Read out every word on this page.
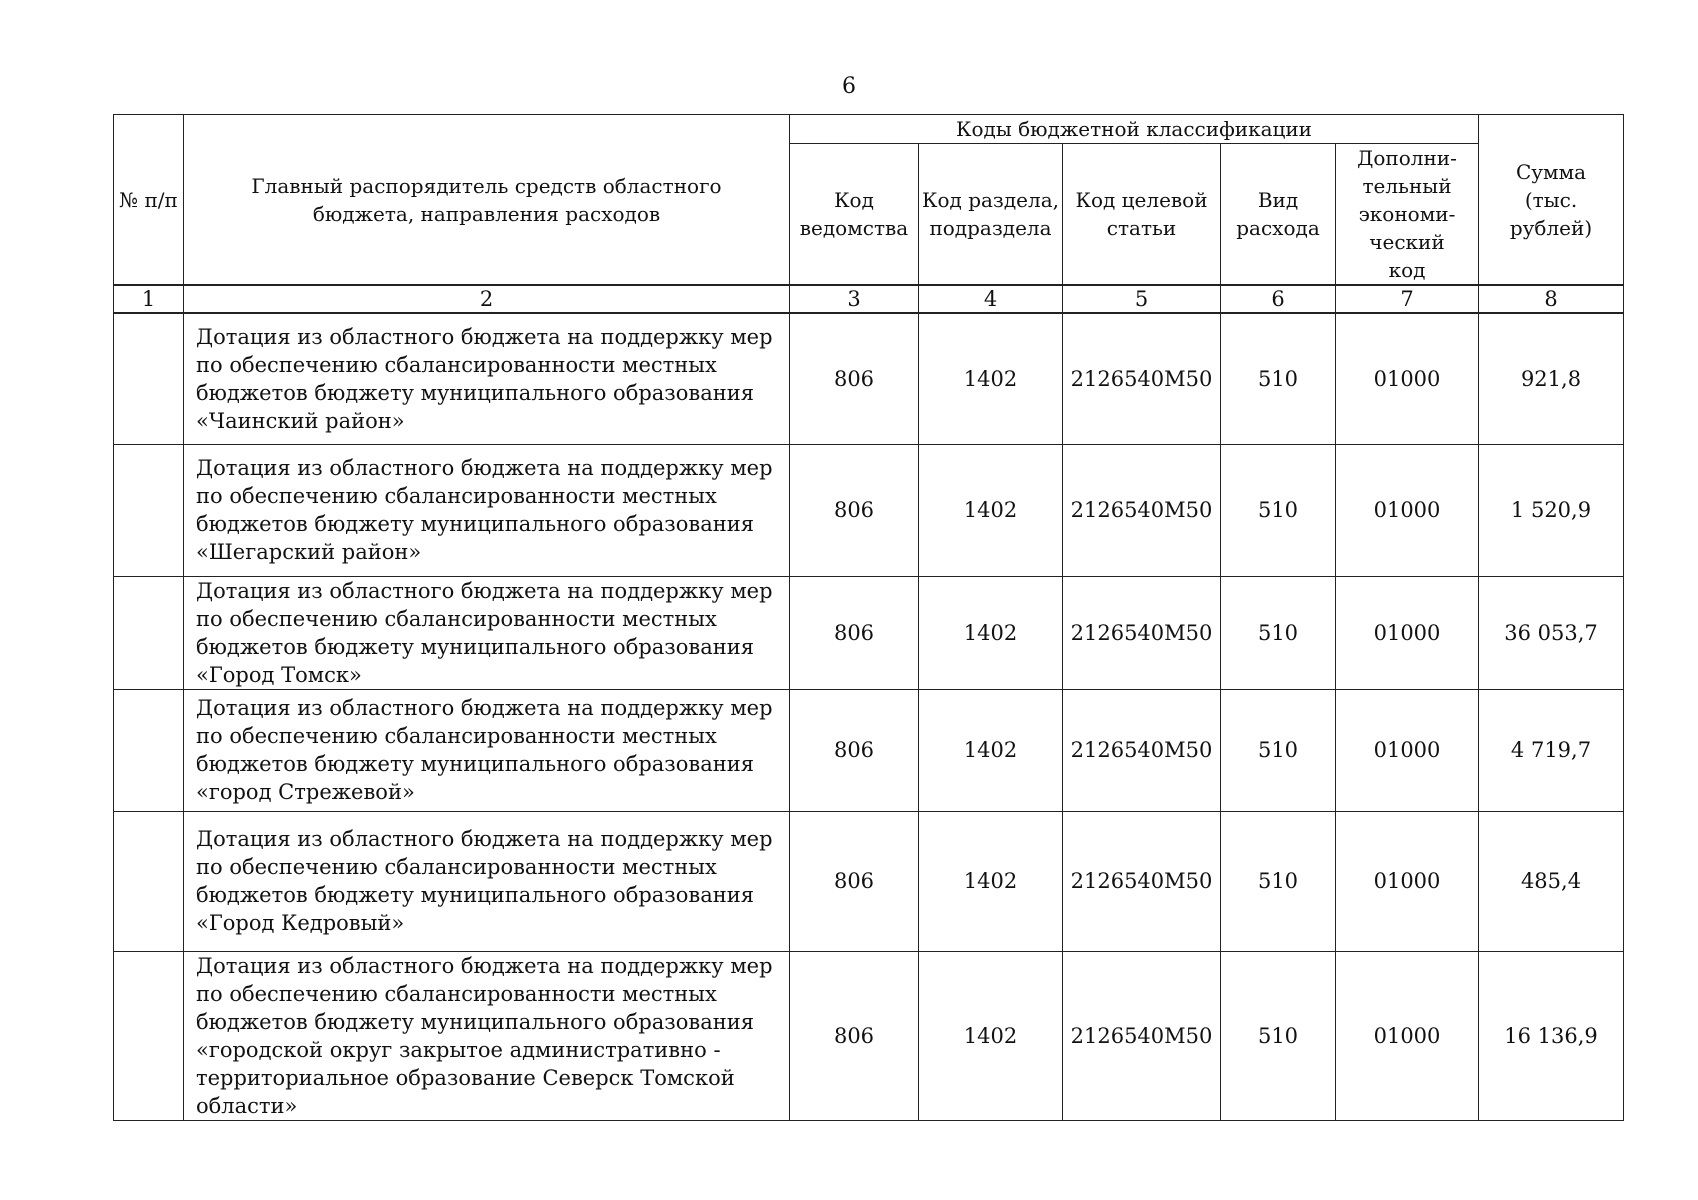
6
№ п/п	Главный распорядитель средств областного бюджета, направления расходов	Коды бюджетной классификации					Сумма (тыс. рублей)
		Код ведомства	Код раздела, подраздела	Код целевой статьи	Вид расхода	Дополни-тельный экономи-ческий код	
1	2	3	4	5	6	7	8
	Дотация из областного бюджета на поддержку мер по обеспечению сбалансированности местных бюджетов бюджету муниципального образования «Чаинский район»	806	1402	2126540М50	510	01000	921,8
	Дотация из областного бюджета на поддержку мер по обеспечению сбалансированности местных бюджетов бюджету муниципального образования «Шегарский район»	806	1402	2126540М50	510	01000	1 520,9
	Дотация из областного бюджета на поддержку мер по обеспечению сбалансированности местных бюджетов бюджету муниципального образования «Город Томск»	806	1402	2126540М50	510	01000	36 053,7
	Дотация из областного бюджета на поддержку мер по обеспечению сбалансированности местных бюджетов бюджету муниципального образования «город Стрежевой»	806	1402	2126540М50	510	01000	4 719,7
	Дотация из областного бюджета на поддержку мер по обеспечению сбалансированности местных бюджетов бюджету муниципального образования «Город Кедровый»	806	1402	2126540М50	510	01000	485,4
	Дотация из областного бюджета на поддержку мер по обеспечению сбалансированности местных бюджетов бюджету муниципального образования «городской округ закрытое административно - территориальное образование Северск Томской области»	806	1402	2126540М50	510	01000	16 136,9
